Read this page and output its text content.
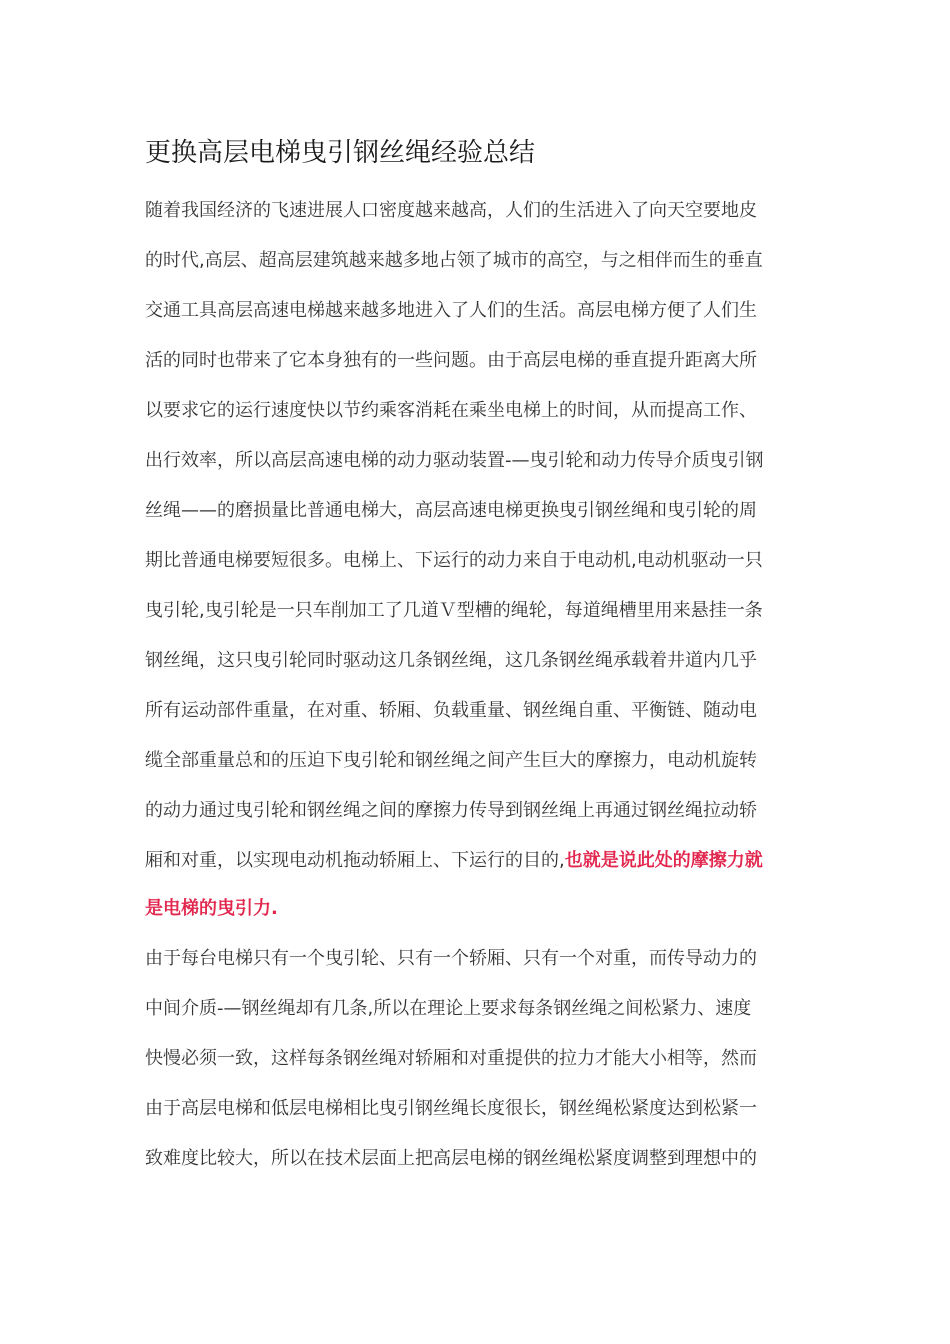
更换高层电梯曳引钢丝绳经验总结
随着我国经济的飞速进展人口密度越来越高，人们的生活进入了向天空要地皮
的时代,高层、超高层建筑越来越多地占领了城市的高空，与之相伴而生的垂直
交通工具高层高速电梯越来越多地进入了人们的生活。高层电梯方便了人们生
活的同时也带来了它本身独有的一些问题。由于高层电梯的垂直提升距离大所
以要求它的运行速度快以节约乘客消耗在乘坐电梯上的时间，从而提高工作、
出行效率，所以高层高速电梯的动力驱动装置-—曳引轮和动力传导介质曳引钢
丝绳——的磨损量比普通电梯大，高层高速电梯更换曳引钢丝绳和曳引轮的周
期比普通电梯要短很多。电梯上、下运行的动力来自于电动机,电动机驱动一只
曳引轮,曳引轮是一只车削加工了几道Ｖ型槽的绳轮，每道绳槽里用来悬挂一条
钢丝绳，这只曳引轮同时驱动这几条钢丝绳，这几条钢丝绳承载着井道内几乎
所有运动部件重量，在对重、轿厢、负载重量、钢丝绳自重、平衡链、随动电
缆全部重量总和的压迫下曳引轮和钢丝绳之间产生巨大的摩擦力，电动机旋转
的动力通过曳引轮和钢丝绳之间的摩擦力传导到钢丝绳上再通过钢丝绳拉动轿
厢和对重，以实现电动机拖动轿厢上、下运行的目的,也就是说此处的摩擦力就
是电梯的曳引力.
由于每台电梯只有一个曳引轮、只有一个轿厢、只有一个对重，而传导动力的
中间介质-—钢丝绳却有几条,所以在理论上要求每条钢丝绳之间松紧力、速度
快慢必须一致，这样每条钢丝绳对轿厢和对重提供的拉力才能大小相等，然而
由于高层电梯和低层电梯相比曳引钢丝绳长度很长，钢丝绳松紧度达到松紧一
致难度比较大，所以在技术层面上把高层电梯的钢丝绳松紧度调整到理想中的
